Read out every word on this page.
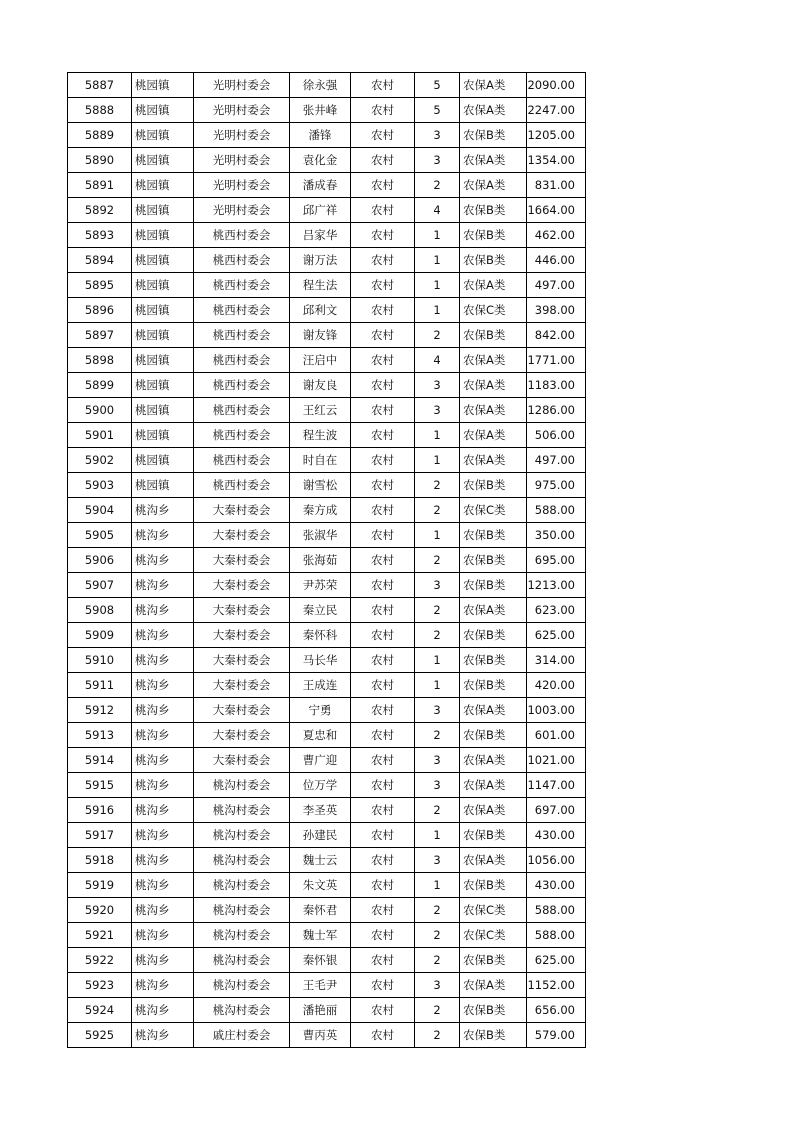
5887	桃园镇	光明村委会	徐永强	农村	5	农保A类	2090.00
5888	桃园镇	光明村委会	张井峰	农村	5	农保A类	2247.00
5889	桃园镇	光明村委会	潘锋	农村	3	农保B类	1205.00
5890	桃园镇	光明村委会	袁化金	农村	3	农保A类	1354.00
5891	桃园镇	光明村委会	潘成春	农村	2	农保A类	831.00
5892	桃园镇	光明村委会	邱广祥	农村	4	农保B类	1664.00
5893	桃园镇	桃西村委会	吕家华	农村	1	农保B类	462.00
5894	桃园镇	桃西村委会	谢万法	农村	1	农保B类	446.00
5895	桃园镇	桃西村委会	程生法	农村	1	农保A类	497.00
5896	桃园镇	桃西村委会	邱利文	农村	1	农保C类	398.00
5897	桃园镇	桃西村委会	谢友锋	农村	2	农保B类	842.00
5898	桃园镇	桃西村委会	汪启中	农村	4	农保A类	1771.00
5899	桃园镇	桃西村委会	谢友良	农村	3	农保A类	1183.00
5900	桃园镇	桃西村委会	王红云	农村	3	农保A类	1286.00
5901	桃园镇	桃西村委会	程生波	农村	1	农保A类	506.00
5902	桃园镇	桃西村委会	时自在	农村	1	农保A类	497.00
5903	桃园镇	桃西村委会	谢雪松	农村	2	农保B类	975.00
5904	桃沟乡	大秦村委会	秦方成	农村	2	农保C类	588.00
5905	桃沟乡	大秦村委会	张淑华	农村	1	农保B类	350.00
5906	桃沟乡	大秦村委会	张海茹	农村	2	农保B类	695.00
5907	桃沟乡	大秦村委会	尹苏荣	农村	3	农保B类	1213.00
5908	桃沟乡	大秦村委会	秦立民	农村	2	农保A类	623.00
5909	桃沟乡	大秦村委会	秦怀科	农村	2	农保B类	625.00
5910	桃沟乡	大秦村委会	马长华	农村	1	农保B类	314.00
5911	桃沟乡	大秦村委会	王成连	农村	1	农保B类	420.00
5912	桃沟乡	大秦村委会	宁勇	农村	3	农保A类	1003.00
5913	桃沟乡	大秦村委会	夏忠和	农村	2	农保B类	601.00
5914	桃沟乡	大秦村委会	曹广迎	农村	3	农保A类	1021.00
5915	桃沟乡	桃沟村委会	位万学	农村	3	农保A类	1147.00
5916	桃沟乡	桃沟村委会	李圣英	农村	2	农保A类	697.00
5917	桃沟乡	桃沟村委会	孙建民	农村	1	农保B类	430.00
5918	桃沟乡	桃沟村委会	魏士云	农村	3	农保A类	1056.00
5919	桃沟乡	桃沟村委会	朱文英	农村	1	农保B类	430.00
5920	桃沟乡	桃沟村委会	秦怀君	农村	2	农保C类	588.00
5921	桃沟乡	桃沟村委会	魏士军	农村	2	农保C类	588.00
5922	桃沟乡	桃沟村委会	秦怀银	农村	2	农保B类	625.00
5923	桃沟乡	桃沟村委会	王毛尹	农村	3	农保A类	1152.00
5924	桃沟乡	桃沟村委会	潘艳丽	农村	2	农保B类	656.00
5925	桃沟乡	戚庄村委会	曹丙英	农村	2	农保B类	579.00
